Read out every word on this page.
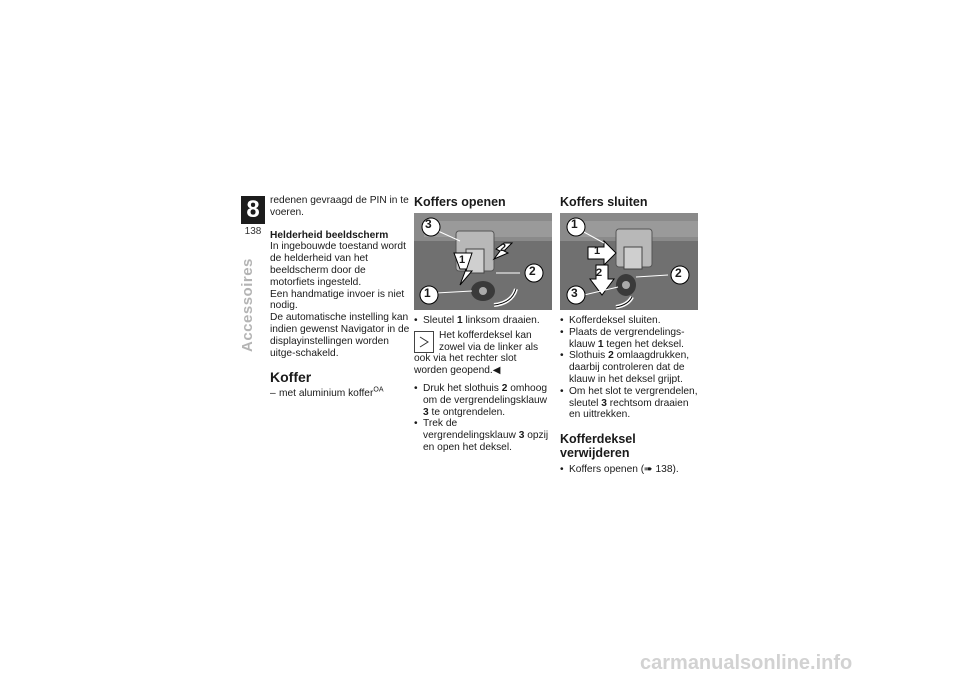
8
138
Accessoires

redenen gevraagd de PIN in te voeren.

Helderheid beeldscherm

In ingebouwde toestand wordt de helderheid van het beeldscherm door de motorfiets ingesteld.

Een handmatige invoer is niet nodig.

De automatische instelling kan indien gewenst Navigator in de displayinstellingen worden uitge-schakeld.

Koffer

– met aluminium koffer$^{OA}$

Koffers openen
3
1
2
2
1
• Sleutel 1 linksom draaien.
Het kofferdeksel kan zowel via de linker als ook via het rechter slot worden geopend.◀
• Druk het slothuis 2 omhoog om de vergrendelingsklauw 3 te ontgrendelen.
• Trek de vergrendelingsklauw 3 opzij en open het deksel.
Koffers sluiten
1
1
2	2
3
• Kofferdeksel sluiten.
• Plaats de vergrendelings-klauw 1 tegen het deksel.
• Slothuis 2 omlaagdrukken, daarbij controleren dat de klauw in het deksel grijpt.
• Om het slot te vergrendelen, sleutel 3 rechtsom draaien en uittrekken.
Kofferdeksel verwijderen
• Koffers openen (➠ 138).
carmanualsonline.info
